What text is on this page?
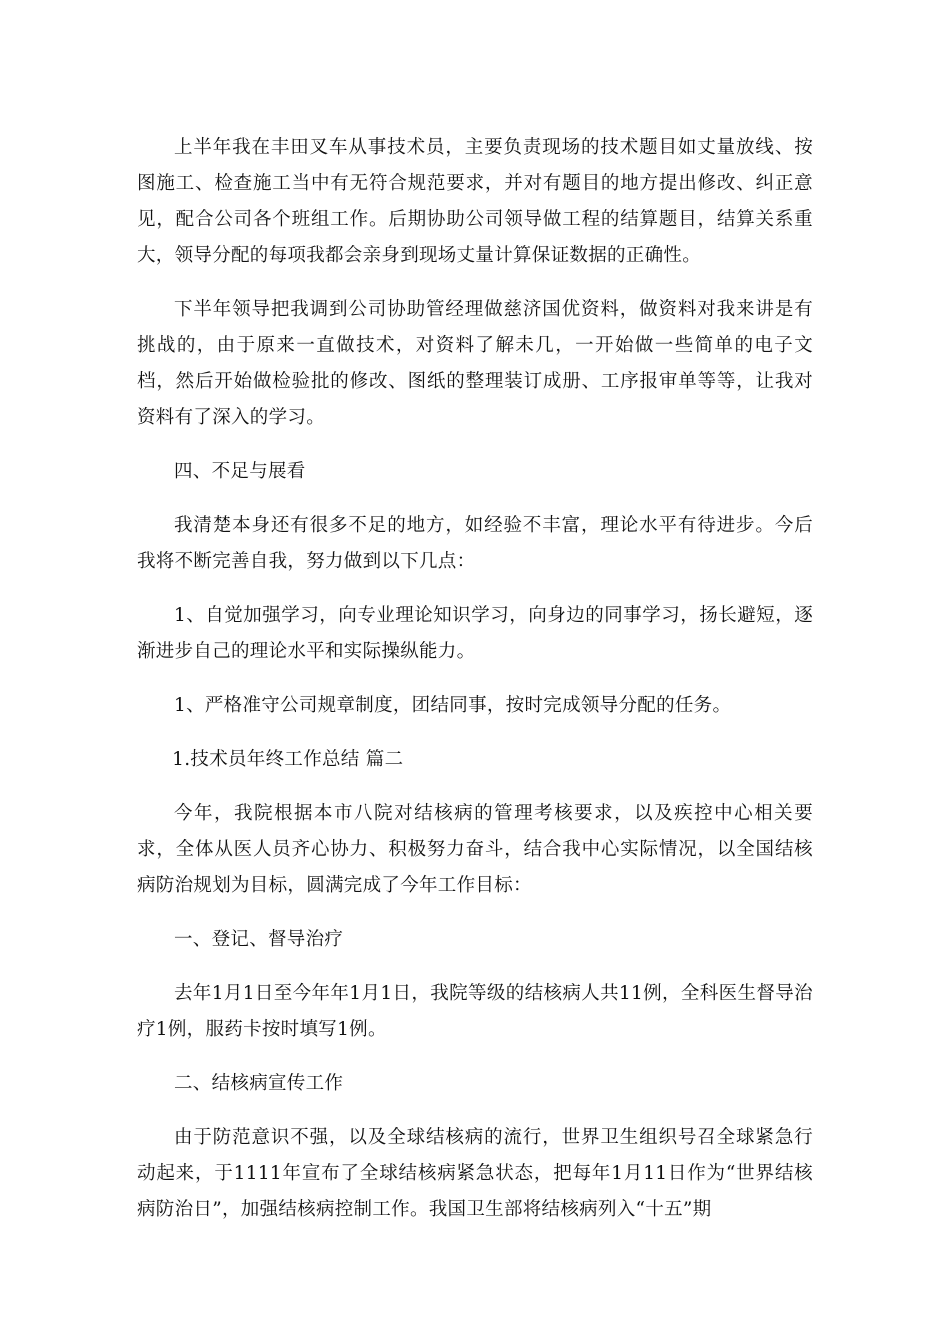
上半年我在丰田叉车从事技术员，主要负责现场的技术题目如丈量放线、按图施工、检查施工当中有无符合规范要求，并对有题目的地方提出修改、纠正意见，配合公司各个班组工作。后期协助公司领导做工程的结算题目，结算关系重大，领导分配的每项我都会亲身到现场丈量计算保证数据的正确性。

下半年领导把我调到公司协助管经理做慈济国优资料，做资料对我来讲是有挑战的，由于原来一直做技术，对资料了解未几，一开始做一些简单的电子文档，然后开始做检验批的修改、图纸的整理装订成册、工序报审单等等，让我对资料有了深入的学习。

四、不足与展看

我清楚本身还有很多不足的地方，如经验不丰富，理论水平有待进步。今后我将不断完善自我，努力做到以下几点：

1、自觉加强学习，向专业理论知识学习，向身边的同事学习，扬长避短，逐渐进步自己的理论水平和实际操纵能力。

1、严格准守公司规章制度，团结同事，按时完成领导分配的任务。

1.技术员年终工作总结 篇二

今年，我院根据本市八院对结核病的管理考核要求，以及疾控中心相关要求，全体从医人员齐心协力、积极努力奋斗，结合我中心实际情况，以全国结核病防治规划为目标，圆满完成了今年工作目标：

一、登记、督导治疗

去年1月1日至今年年1月1日，我院等级的结核病人共11例，全科医生督导治疗1例，服药卡按时填写1例。

二、结核病宣传工作

由于防范意识不强，以及全球结核病的流行，世界卫生组织号召全球紧急行动起来，于1111年宣布了全球结核病紧急状态，把每年1月11日作为“世界结核病防治日”，加强结核病控制工作。我国卫生部将结核病列入“十五”期
